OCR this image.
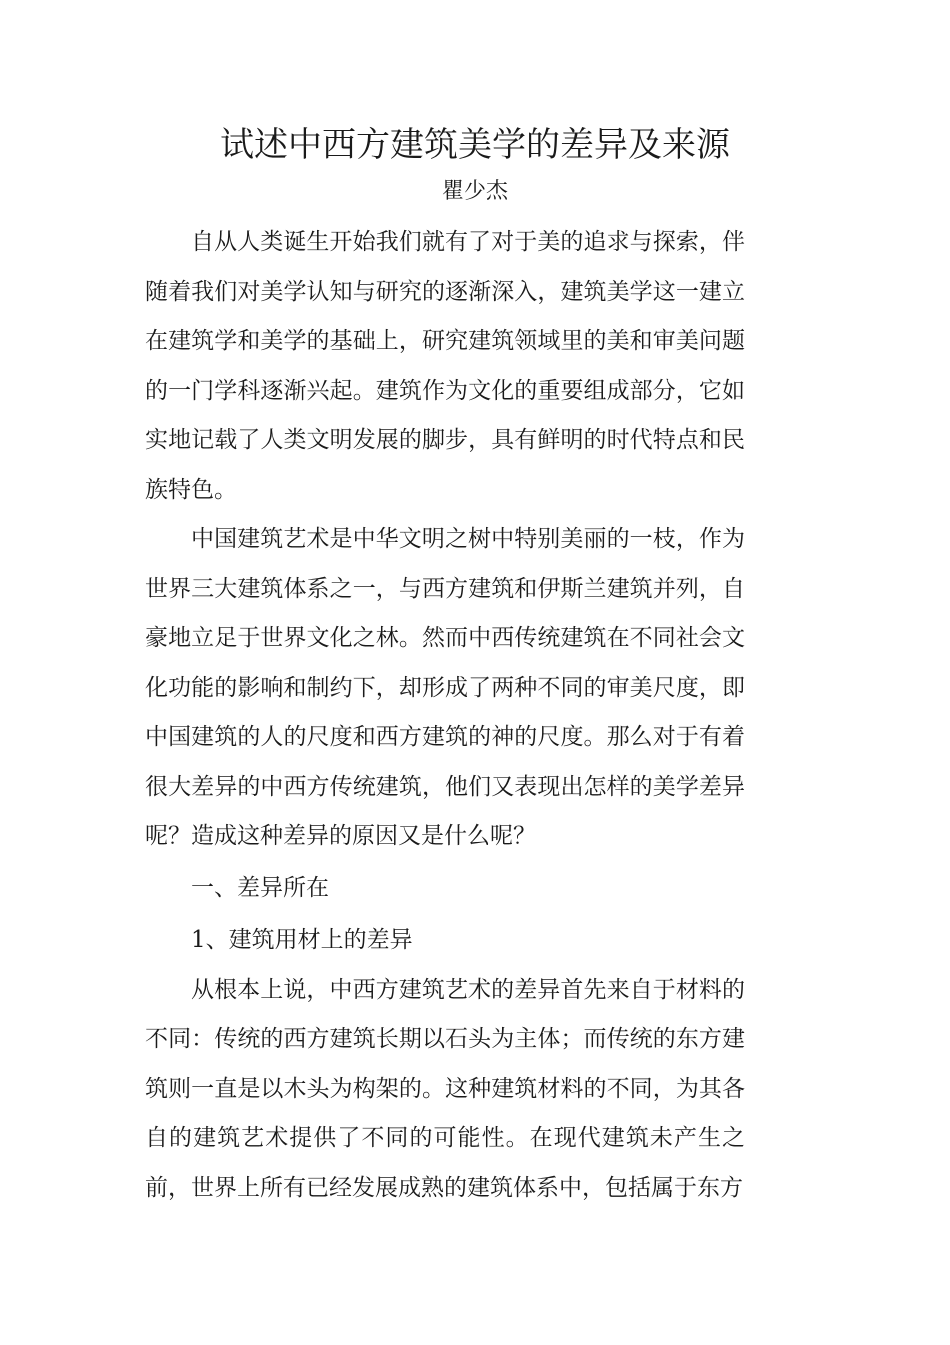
试述中西方建筑美学的差异及来源

瞿少杰

自从人类诞生开始我们就有了对于美的追求与探索，伴随着我们对美学认知与研究的逐渐深入，建筑美学这一建立在建筑学和美学的基础上，研究建筑领域里的美和审美问题的一门学科逐渐兴起。建筑作为文化的重要组成部分，它如实地记载了人类文明发展的脚步，具有鲜明的时代特点和民族特色。

中国建筑艺术是中华文明之树中特别美丽的一枝，作为世界三大建筑体系之一，与西方建筑和伊斯兰建筑并列，自豪地立足于世界文化之林。然而中西传统建筑在不同社会文化功能的影响和制约下，却形成了两种不同的审美尺度，即中国建筑的人的尺度和西方建筑的神的尺度。那么对于有着很大差异的中西方传统建筑，他们又表现出怎样的美学差异呢？造成这种差异的原因又是什么呢？

一、差异所在

1、建筑用材上的差异

从根本上说，中西方建筑艺术的差异首先来自于材料的不同：传统的西方建筑长期以石头为主体；而传统的东方建筑则一直是以木头为构架的。这种建筑材料的不同，为其各自的建筑艺术提供了不同的可能性。在现代建筑未产生之前，世界上所有已经发展成熟的建筑体系中，包括属于东方
